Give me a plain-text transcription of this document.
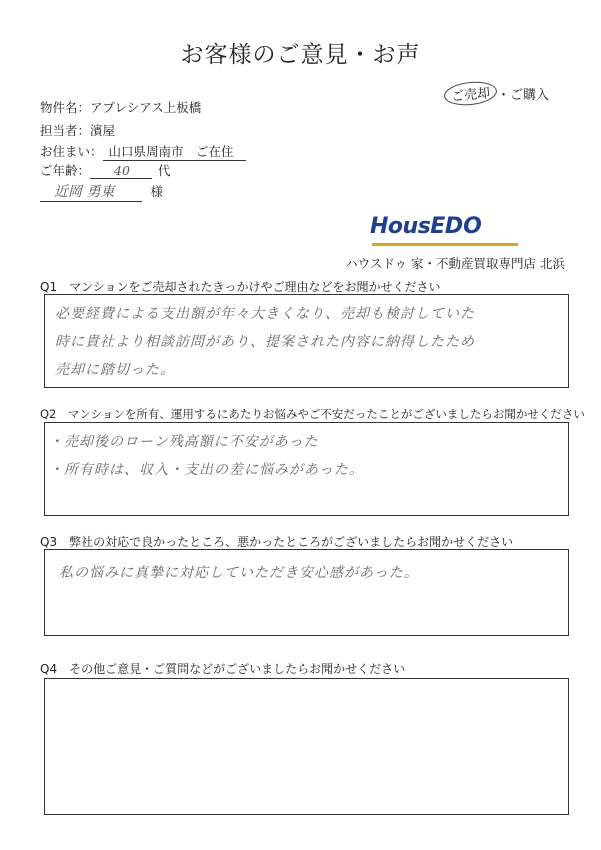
お客様のご意見・お声
ご売却 ・ご購入
物件名：アプレシアス上板橋
担当者：濱屋
お住まい： 山口県周南市　ご在住
ご年齢： 40 代
近岡 勇東	様
HousEDO
ハウスドゥ 家・不動産買取専門店 北浜
Q1　マンションをご売却されたきっかけやご理由などをお聞かせください
必要経費による支出額が年々大きくなり、売却も検討していた
時に貴社より相談訪問があり、提案された内容に納得したため
売却に踏切った。
Q2　マンションを所有、運用するにあたりお悩みやご不安だったことがございましたらお聞かせください
・売却後のローン残高額に不安があった
・所有時は、収入・支出の差に悩みがあった。
Q3　弊社の対応で良かったところ、悪かったところがございましたらお聞かせください
私の悩みに真摯に対応していただき安心感があった。
Q4　その他ご意見・ご質問などがございましたらお聞かせください
